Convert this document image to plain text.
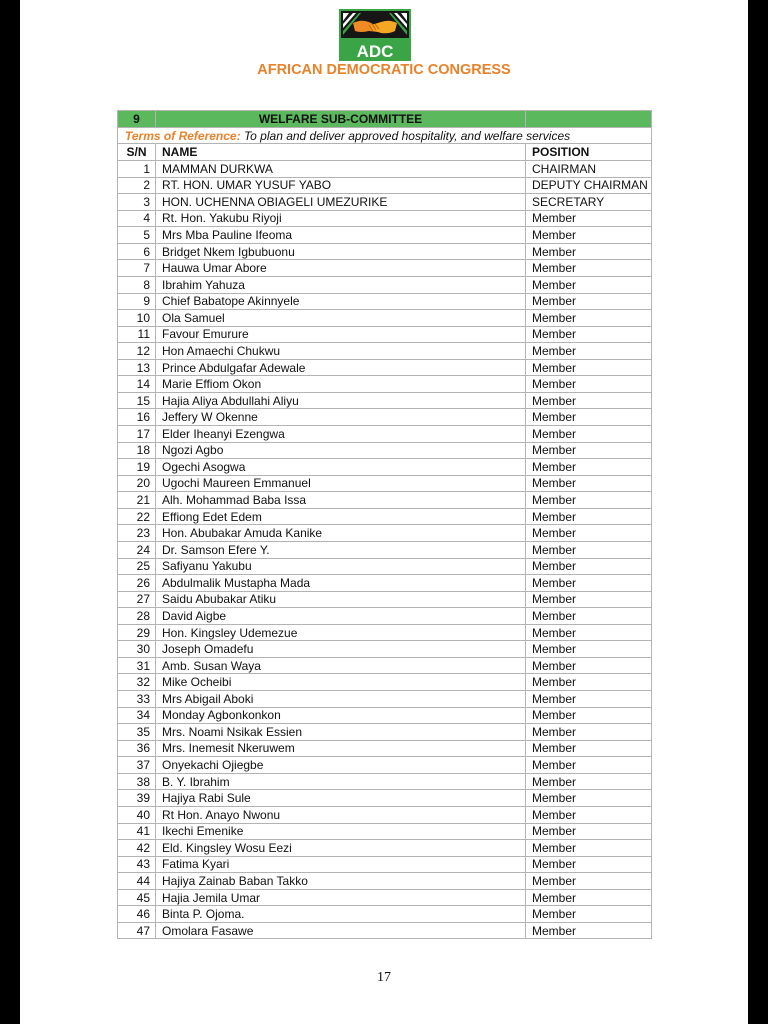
ADC
AFRICAN DEMOCRATIC CONGRESS
9	WELFARE SUB-COMMITTEE	
Terms of Reference: To plan and deliver approved hospitality, and welfare services		
S/N	NAME	POSITION
1	MAMMAN DURKWA	CHAIRMAN
2	RT. HON. UMAR YUSUF YABO	DEPUTY CHAIRMAN
3	HON. UCHENNA OBIAGELI UMEZURIKE	SECRETARY
4	Rt. Hon. Yakubu Riyoji	Member
5	Mrs Mba Pauline Ifeoma	Member
6	Bridget Nkem Igbubuonu	Member
7	Hauwa Umar Abore	Member
8	Ibrahim Yahuza	Member
9	Chief Babatope Akinnyele	Member
10	Ola Samuel	Member
11	Favour Emurure	Member
12	Hon Amaechi Chukwu	Member
13	Prince Abdulgafar Adewale	Member
14	Marie Effiom Okon	Member
15	Hajia Aliya Abdullahi Aliyu	Member
16	Jeffery W Okenne	Member
17	Elder Iheanyi Ezengwa	Member
18	Ngozi Agbo	Member
19	Ogechi Asogwa	Member
20	Ugochi Maureen Emmanuel	Member
21	Alh. Mohammad Baba Issa	Member
22	Effiong Edet Edem	Member
23	Hon. Abubakar Amuda Kanike	Member
24	Dr. Samson Efere Y.	Member
25	Safiyanu Yakubu	Member
26	Abdulmalik Mustapha Mada	Member
27	Saidu Abubakar Atiku	Member
28	David Aigbe	Member
29	Hon. Kingsley Udemezue	Member
30	Joseph Omadefu	Member
31	Amb. Susan Waya	Member
32	Mike Ocheibi	Member
33	Mrs Abigail Aboki	Member
34	Monday Agbonkonkon	Member
35	Mrs. Noami Nsikak Essien	Member
36	Mrs. Inemesit Nkeruwem	Member
37	Onyekachi Ojiegbe	Member
38	B. Y. Ibrahim	Member
39	Hajiya Rabi Sule	Member
40	Rt Hon. Anayo Nwonu	Member
41	Ikechi Emenike	Member
42	Eld. Kingsley Wosu Eezi	Member
43	Fatima Kyari	Member
44	Hajiya Zainab Baban Takko	Member
45	Hajia Jemila Umar	Member
46	Binta P. Ojoma.	Member
47	Omolara Fasawe	Member
17
